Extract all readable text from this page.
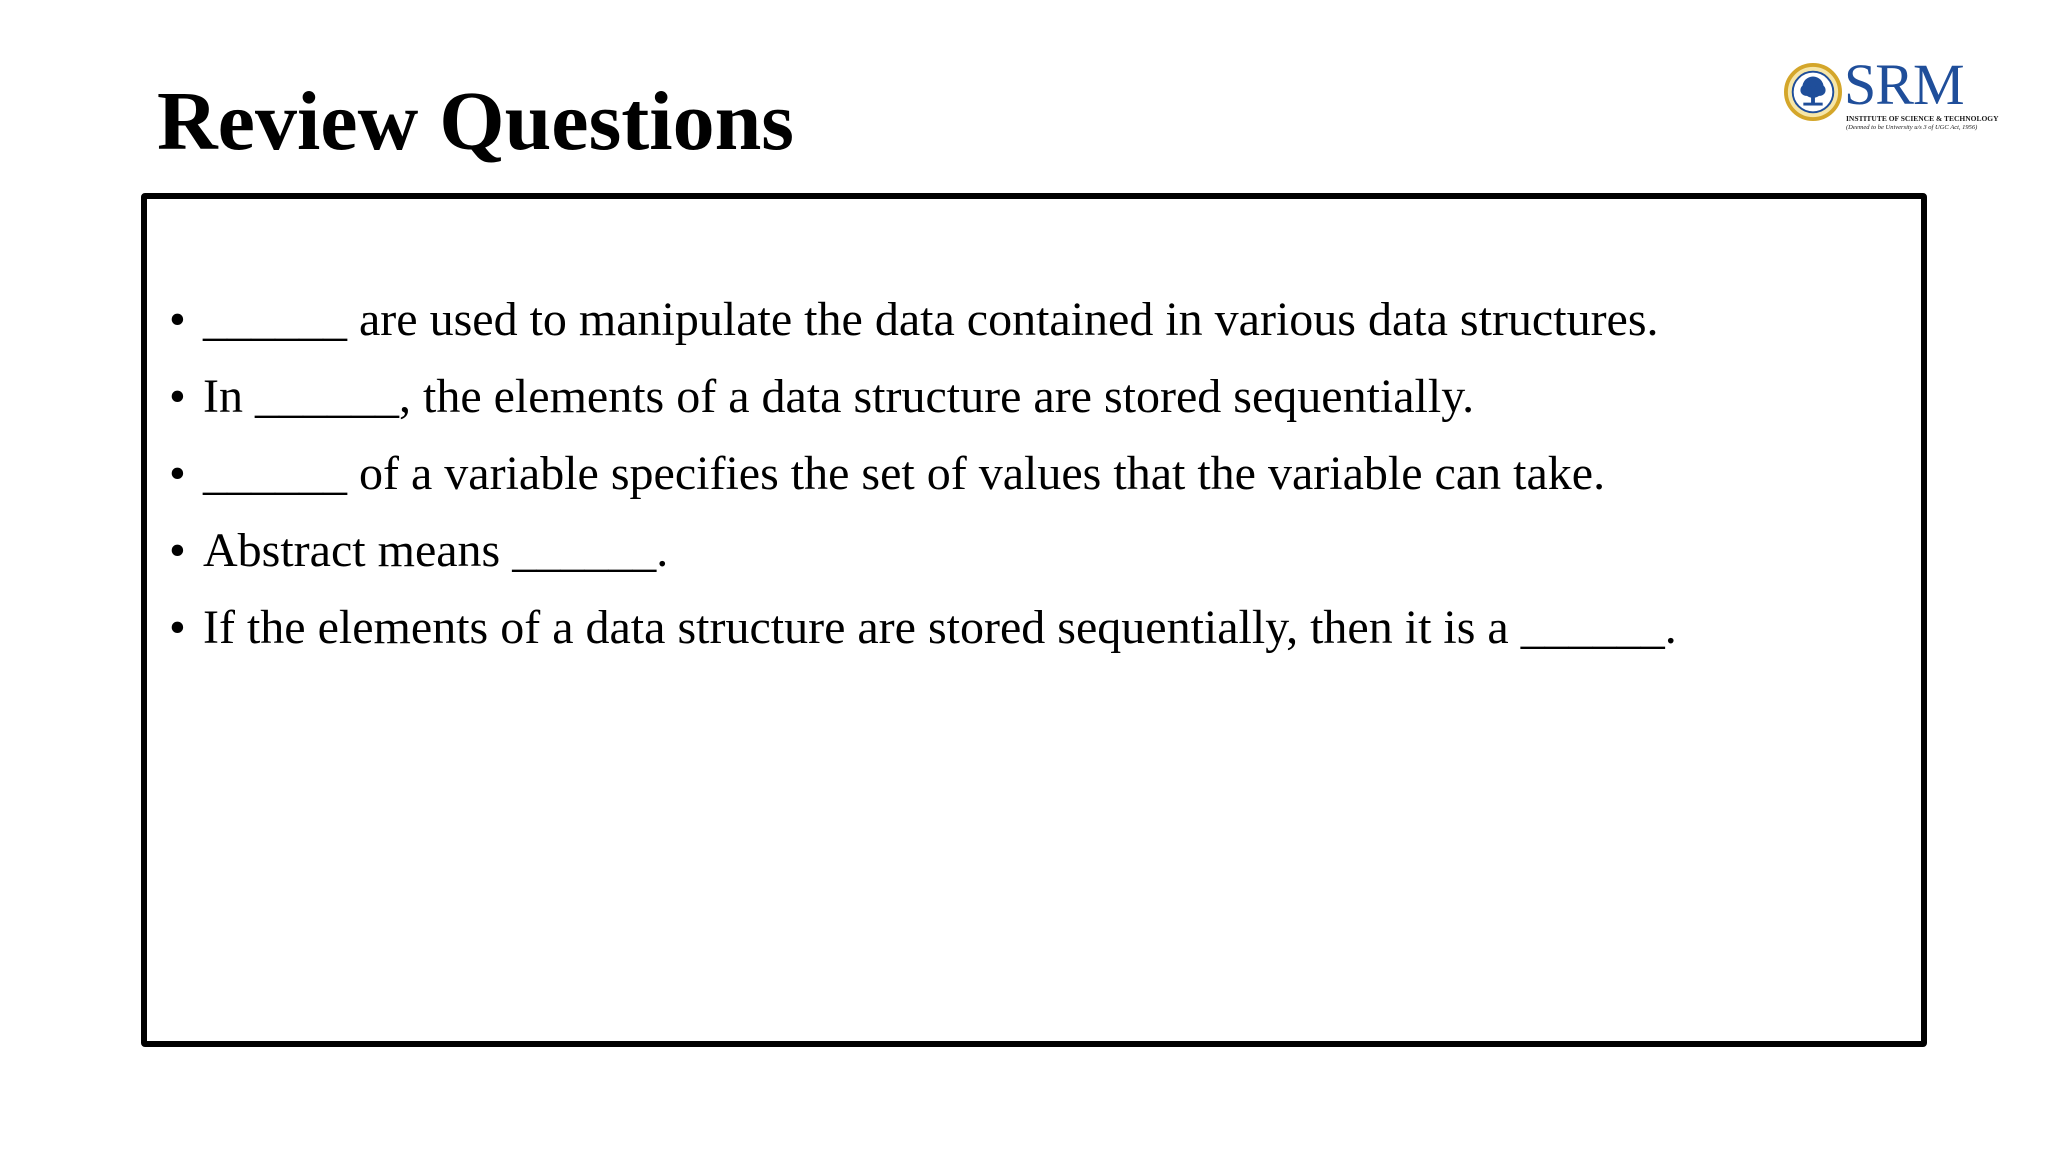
Review Questions	SRM
INSTITUTE OF SCIENCE & TECHNOLOGY
(Deemed to be University u/s 3 of UGC Act, 1956)
• ______ are used to manipulate the data contained in various data structures.
• In ______, the elements of a data structure are stored sequentially.
• ______ of a variable specifies the set of values that the variable can take.
• Abstract means ______.
• If the elements of a data structure are stored sequentially, then it is a ______.
